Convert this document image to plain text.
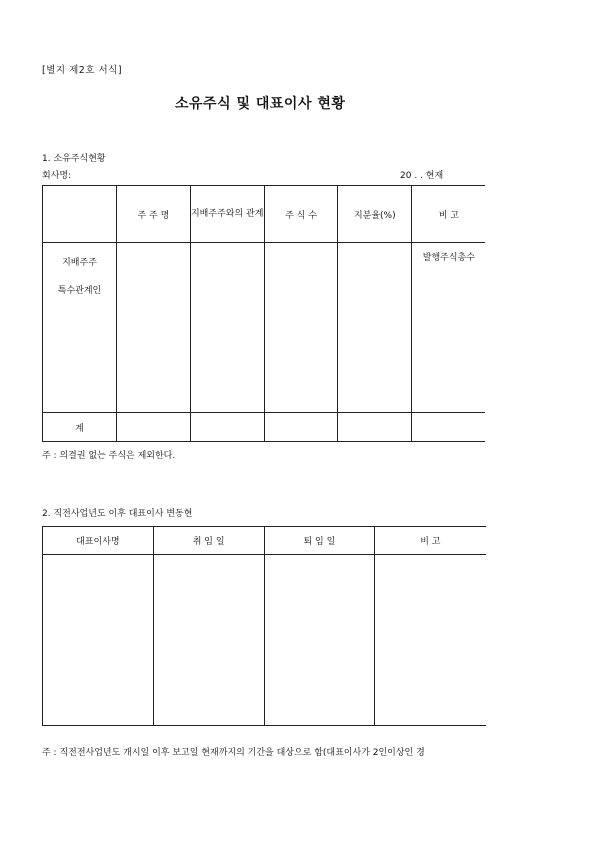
[별지 제2호 서식]
소유주식 및 대표이사 현황
1. 소유주식현황
회사명:	20 . . 현재
	주 주 명	지배주주와의 관계	주 식 수	지분율(%)	비 고

지배주주
특수관계인					발행주식총수

계					
주 : 의결권 없는 주식은 제외한다.
2. 직전사업년도 이후 대표이사 변동현
대표이사명	취 임 일	퇴 임 일	비 고

주 : 직전전사업년도 개시일 이후 보고일 현재까지의 기간을 대상으로 함(대표이사가 2인이상인 경
